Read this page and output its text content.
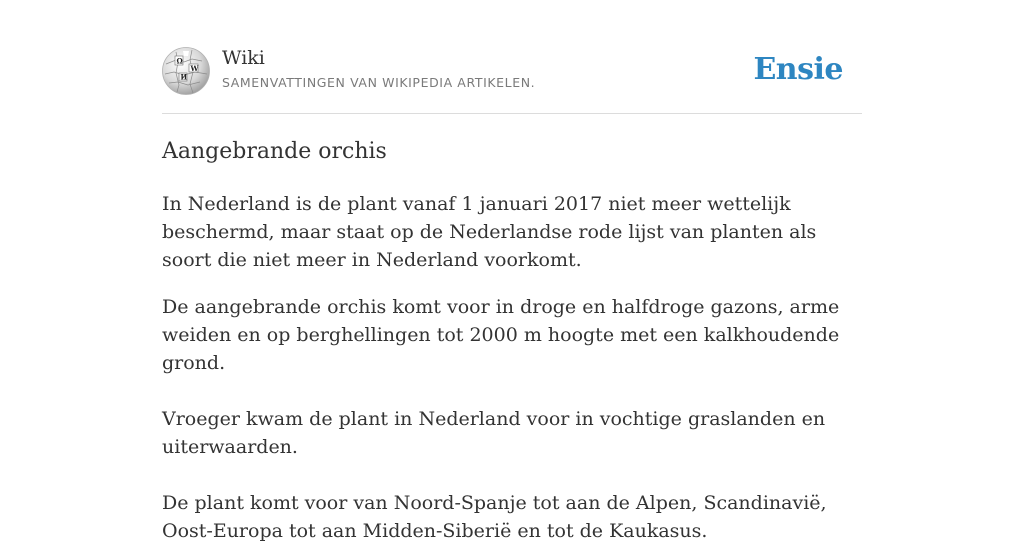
Ω
W
И
Wiki
SAMENVATTINGEN VAN WIKIPEDIA ARTIKELEN.	Ensie
Aangebrande orchis

In Nederland is de plant vanaf 1 januari 2017 niet meer wettelijk beschermd, maar staat op de Nederlandse rode lijst van planten als soort die niet meer in Nederland voorkomt.

De aangebrande orchis komt voor in droge en halfdroge gazons, arme weiden en op berghellingen tot 2000 m hoogte met een kalkhoudende grond.

Vroeger kwam de plant in Nederland voor in vochtige graslanden en uiterwaarden.

De plant komt voor van Noord-Spanje tot aan de Alpen, Scandinavië, Oost-Europa tot aan Midden-Siberië en tot de Kaukasus.
